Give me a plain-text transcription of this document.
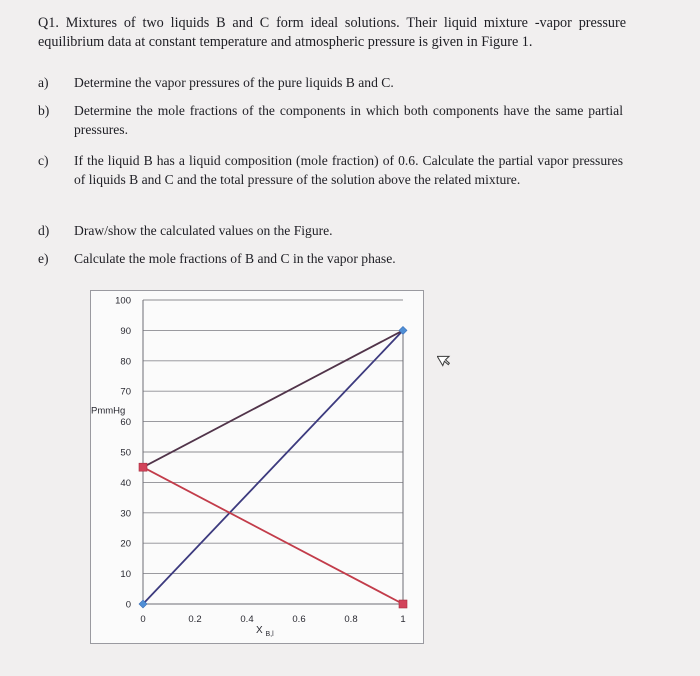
Q1. Mixtures of two liquids B and C form ideal solutions. Their liquid mixture -vapor pressure equilibrium data at constant temperature and atmospheric pressure is given in Figure 1.
a)	Determine the vapor pressures of the pure liquids B and C.
b)	Determine the mole fractions of the components in which both components have the same partial pressures.
c)	If the liquid B has a liquid composition (mole fraction) of 0.6. Calculate the partial vapor pressures of liquids B and C and the total pressure of the solution above the related mixture.
d)	Draw/show the calculated values on the Figure.
e)	Calculate the mole fractions of B and C in the vapor phase.
0
10
20
30
40
50
60
70
80
90
100
0	0.2	0.4	0.6	0.8	1
PmmHg
X $_{B,l}$
